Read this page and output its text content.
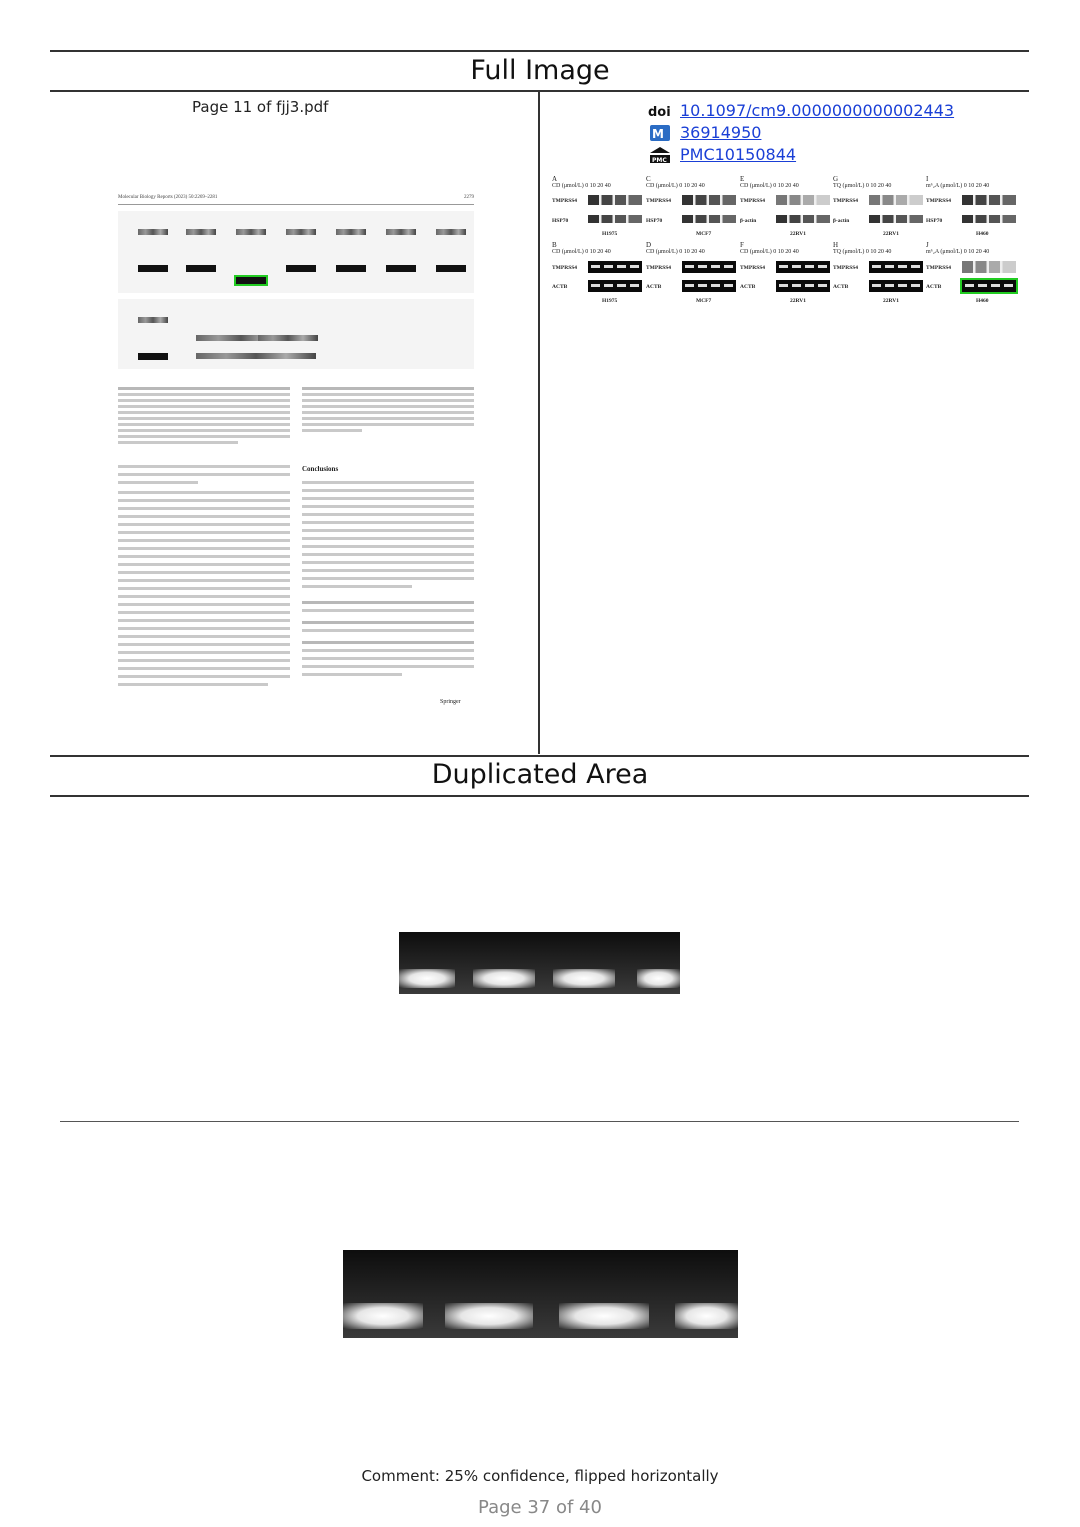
Full Image
Page 11 of fjj3.pdf
Molecular Biology Reports (2023) 50:2269–2281	2279
Conclusions
Springer
doi 10.1097/cm9.0000000000002443
M 36914950
PMC PMC10150844
A
CD (μmol/L) 0 10 20 40
TMPRSS4
HSP70
H1975
C
CD (μmol/L) 0 10 20 40
TMPRSS4
HSP70
MCF7
E
CD (μmol/L) 0 10 20 40
TMPRSS4
β-actin
22RV1
G
TQ (μmol/L) 0 10 20 40
TMPRSS4
β-actin
22RV1
I
m⁶₂A (μmol/L) 0 10 20 40
TMPRSS4
HSP70
H460
B
CD (μmol/L) 0 10 20 40
TMPRSS4
ACTB
H1975
D
CD (μmol/L) 0 10 20 40
TMPRSS4
ACTB
MCF7
F
CD (μmol/L) 0 10 20 40
TMPRSS4
ACTB
22RV1
H
TQ (μmol/L) 0 10 20 40
TMPRSS4
ACTB
22RV1
J
m⁶₂A (μmol/L) 0 10 20 40
TMPRSS4
ACTB
H460
Duplicated Area
Comment: 25% confidence, flipped horizontally
Page 37 of 40
